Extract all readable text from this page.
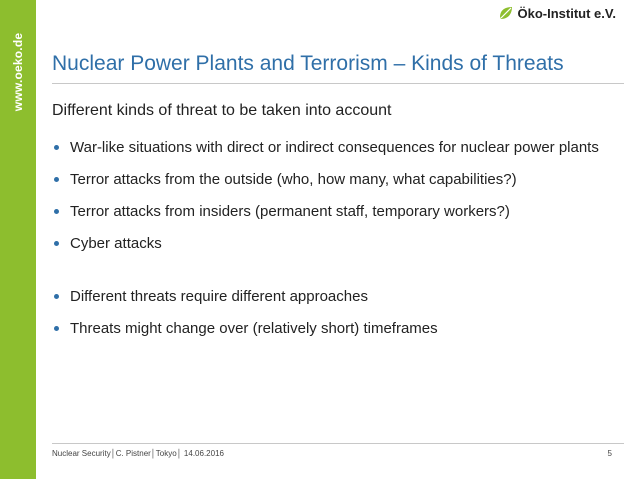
www.oeko.de
Öko-Institut e.V.
Nuclear Power Plants and Terrorism – Kinds of Threats
Different kinds of threat to be taken into account
War-like situations with direct or indirect consequences for nuclear power plants
Terror attacks from the outside (who, how many, what capabilities?)
Terror attacks from insiders (permanent staff, temporary workers?)
Cyber attacks
Different threats require different approaches
Threats might change over (relatively short) timeframes
Nuclear Security│C. Pistner│Tokyo│ 14.06.2016	5
